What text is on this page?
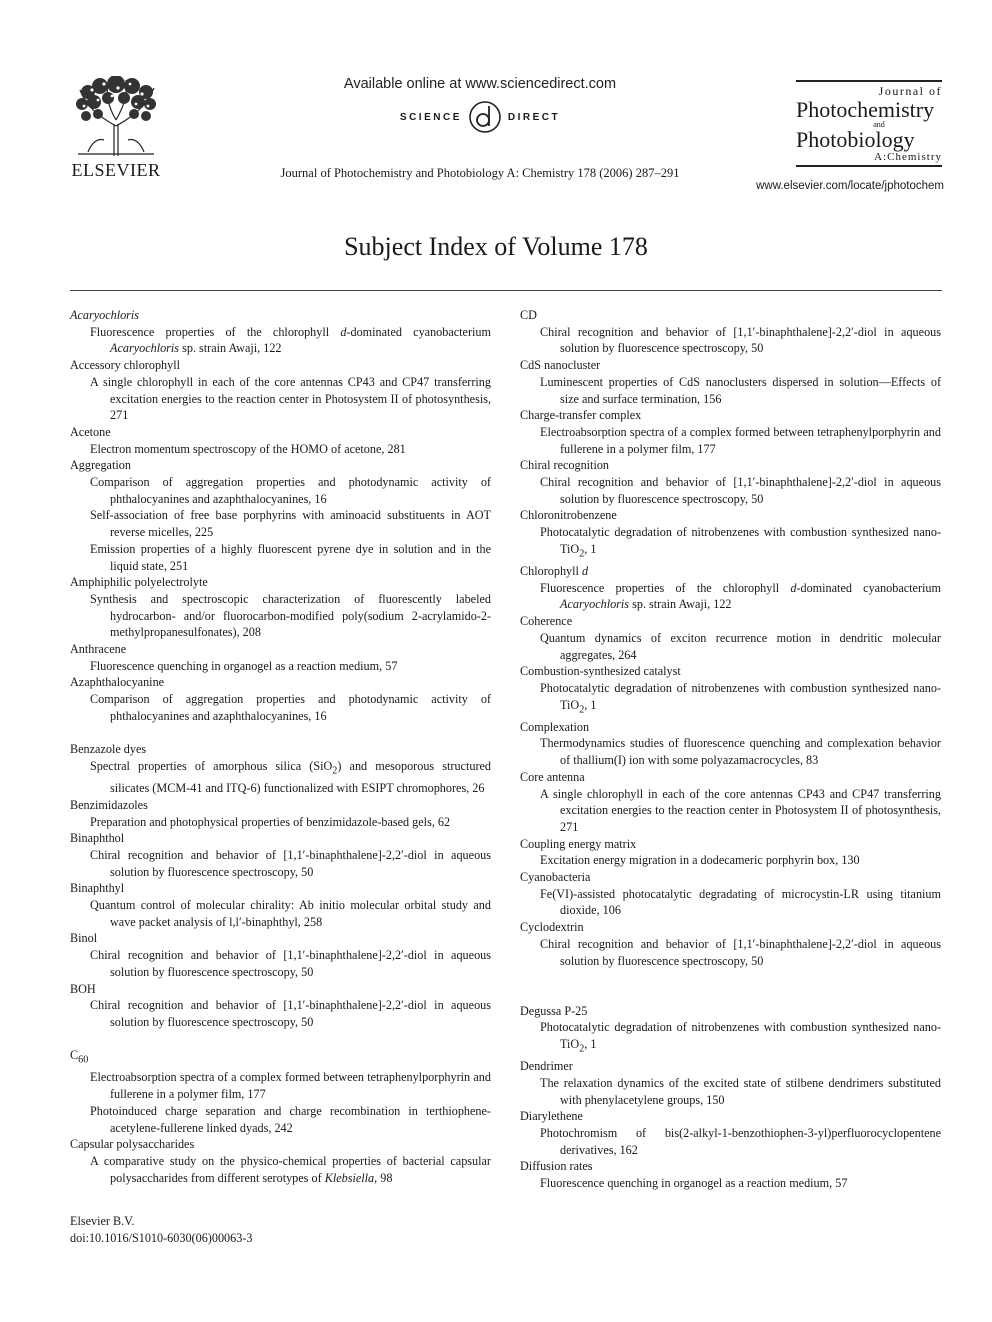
ELSEVIER
Available online at www.sciencedirect.com
SCIENCE	DIRECT
Journal of Photochemistry and Photobiology A: Chemistry 178 (2006) 287–291
Journal of
Photochemistry
and
Photobiology
A:Chemistry
www.elsevier.com/locate/jphotochem
Subject Index of Volume 178
Acaryochloris
Fluorescence properties of the chlorophyll d-dominated cyanobacterium Acaryochloris sp. strain Awaji, 122
Accessory chlorophyll
A single chlorophyll in each of the core antennas CP43 and CP47 transferring excitation energies to the reaction center in Photosystem II of photosynthesis, 271
Acetone
Electron momentum spectroscopy of the HOMO of acetone, 281
Aggregation
Comparison of aggregation properties and photodynamic activity of phthalocyanines and azaphthalocyanines, 16
Self-association of free base porphyrins with aminoacid substituents in AOT reverse micelles, 225
Emission properties of a highly fluorescent pyrene dye in solution and in the liquid state, 251
Amphiphilic polyelectrolyte
Synthesis and spectroscopic characterization of fluorescently labeled hydrocarbon- and/or fluorocarbon-modified poly(sodium 2-acrylamido-2-methylpropanesulfonates), 208
Anthracene
Fluorescence quenching in organogel as a reaction medium, 57
Azaphthalocyanine
Comparison of aggregation properties and photodynamic activity of phthalocyanines and azaphthalocyanines, 16
Benzazole dyes
Spectral properties of amorphous silica (SiO$_2$) and mesoporous structured silicates (MCM-41 and ITQ-6) functionalized with ESIPT chromophores, 26
Benzimidazoles
Preparation and photophysical properties of benzimidazole-based gels, 62
Binaphthol
Chiral recognition and behavior of [1,1′-binaphthalene]-2,2′-diol in aqueous solution by fluorescence spectroscopy, 50
Binaphthyl
Quantum control of molecular chirality: Ab initio molecular orbital study and wave packet analysis of l,l′-binaphthyl, 258
Binol
Chiral recognition and behavior of [1,1′-binaphthalene]-2,2′-diol in aqueous solution by fluorescence spectroscopy, 50
BOH
Chiral recognition and behavior of [1,1′-binaphthalene]-2,2′-diol in aqueous solution by fluorescence spectroscopy, 50
$C_{60}$
Electroabsorption spectra of a complex formed between tetraphenylporphyrin and fullerene in a polymer film, 177
Photoinduced charge separation and charge recombination in terthiophene-acetylene-fullerene linked dyads, 242
Capsular polysaccharides
A comparative study on the physico-chemical properties of bacterial capsular polysaccharides from different serotypes of Klebsiella, 98
CD
Chiral recognition and behavior of [1,1′-binaphthalene]-2,2′-diol in aqueous solution by fluorescence spectroscopy, 50
CdS nanocluster
Luminescent properties of CdS nanoclusters dispersed in solution—Effects of size and surface termination, 156
Charge-transfer complex
Electroabsorption spectra of a complex formed between tetraphenylporphyrin and fullerene in a polymer film, 177
Chiral recognition
Chiral recognition and behavior of [1,1′-binaphthalene]-2,2′-diol in aqueous solution by fluorescence spectroscopy, 50
Chloronitrobenzene
Photocatalytic degradation of nitrobenzenes with combustion synthesized nano-TiO$_2$, 1
Chlorophyll d
Fluorescence properties of the chlorophyll d-dominated cyanobacterium Acaryochloris sp. strain Awaji, 122
Coherence
Quantum dynamics of exciton recurrence motion in dendritic molecular aggregates, 264
Combustion-synthesized catalyst
Photocatalytic degradation of nitrobenzenes with combustion synthesized nano-TiO$_2$, 1
Complexation
Thermodynamics studies of fluorescence quenching and complexation behavior of thallium(I) ion with some polyazamacrocycles, 83
Core antenna
A single chlorophyll in each of the core antennas CP43 and CP47 transferring excitation energies to the reaction center in Photosystem II of photosynthesis, 271
Coupling energy matrix
Excitation energy migration in a dodecameric porphyrin box, 130
Cyanobacteria
Fe(VI)-assisted photocatalytic degradating of microcystin-LR using titanium dioxide, 106
Cyclodextrin
Chiral recognition and behavior of [1,1′-binaphthalene]-2,2′-diol in aqueous solution by fluorescence spectroscopy, 50
Degussa P-25
Photocatalytic degradation of nitrobenzenes with combustion synthesized nano-TiO$_2$, 1
Dendrimer
The relaxation dynamics of the excited state of stilbene dendrimers substituted with phenylacetylene groups, 150
Diarylethene
Photochromism of bis(2-alkyl-1-benzothiophen-3-yl)perfluorocyclopentene derivatives, 162
Diffusion rates
Fluorescence quenching in organogel as a reaction medium, 57
Elsevier B.V.
doi:10.1016/S1010-6030(06)00063-3
